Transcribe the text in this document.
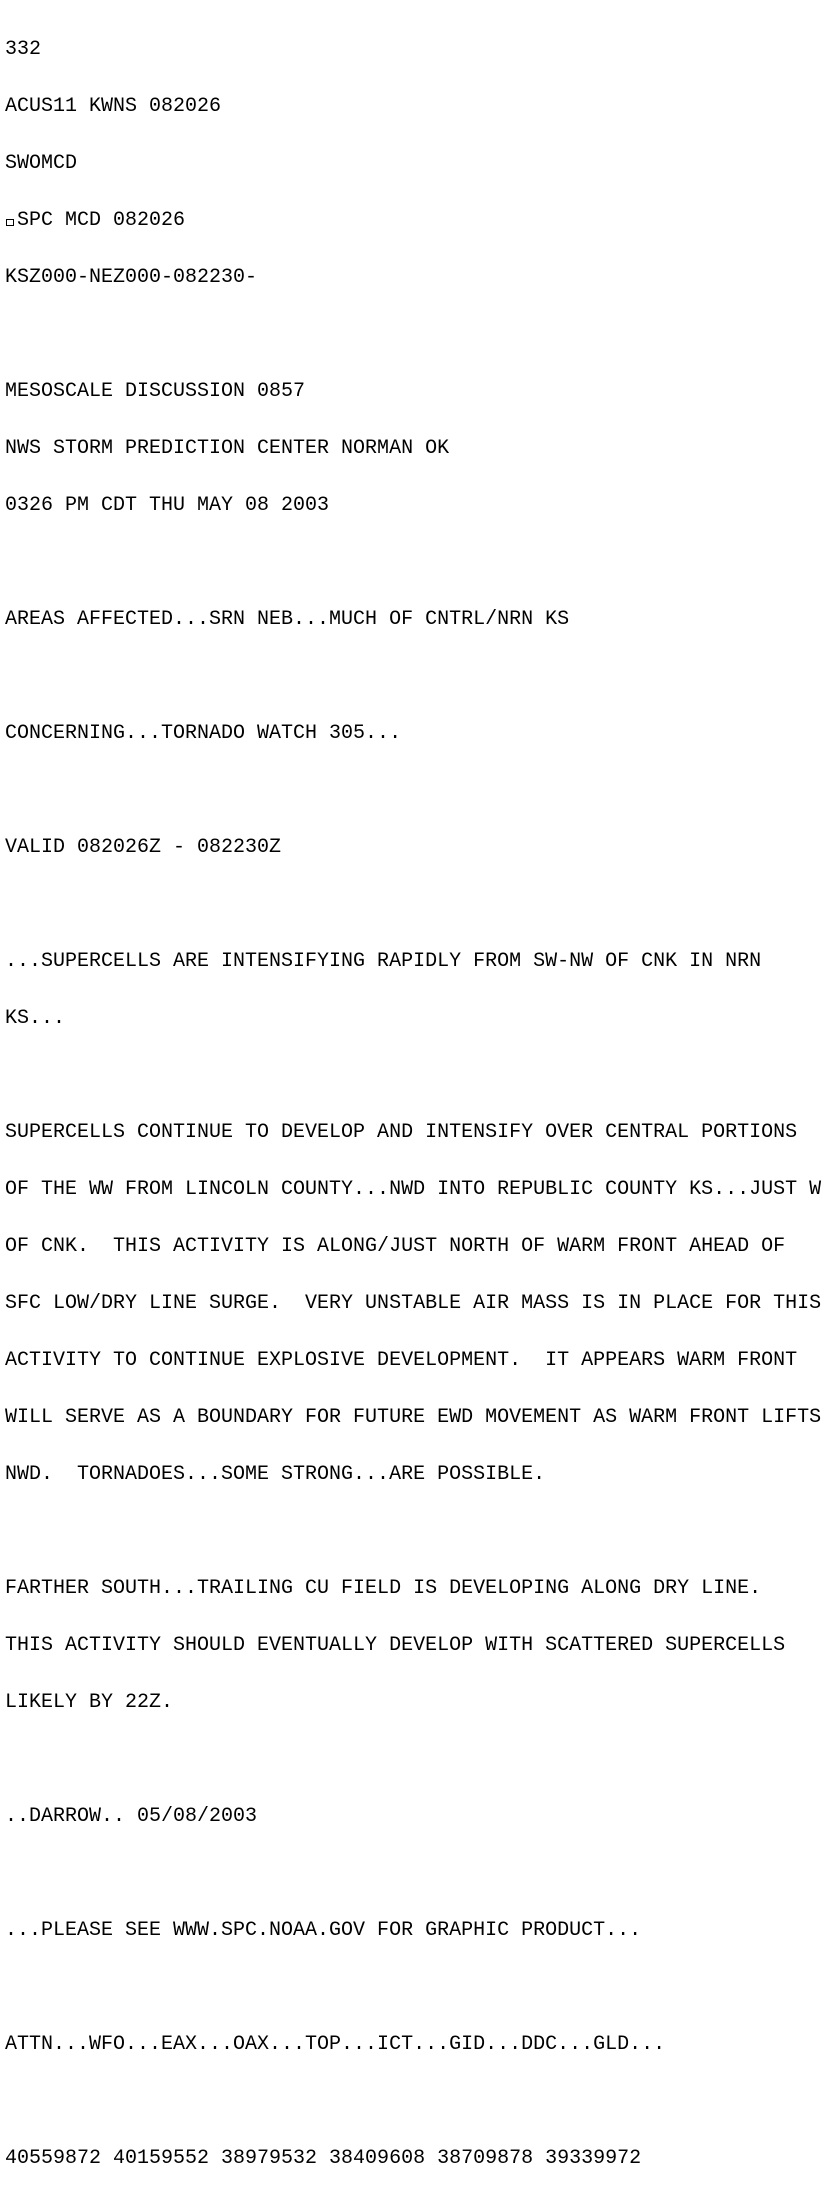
332

ACUS11 KWNS 082026

SWOMCD

SPC MCD 082026

KSZ000-NEZ000-082230-

MESOSCALE DISCUSSION 0857

NWS STORM PREDICTION CENTER NORMAN OK

0326 PM CDT THU MAY 08 2003

AREAS AFFECTED...SRN NEB...MUCH OF CNTRL/NRN KS

CONCERNING...TORNADO WATCH 305...

VALID 082026Z - 082230Z

...SUPERCELLS ARE INTENSIFYING RAPIDLY FROM SW-NW OF CNK IN NRN

KS...

SUPERCELLS CONTINUE TO DEVELOP AND INTENSIFY OVER CENTRAL PORTIONS

OF THE WW FROM LINCOLN COUNTY...NWD INTO REPUBLIC COUNTY KS...JUST W

OF CNK.  THIS ACTIVITY IS ALONG/JUST NORTH OF WARM FRONT AHEAD OF

SFC LOW/DRY LINE SURGE.  VERY UNSTABLE AIR MASS IS IN PLACE FOR THIS

ACTIVITY TO CONTINUE EXPLOSIVE DEVELOPMENT.  IT APPEARS WARM FRONT

WILL SERVE AS A BOUNDARY FOR FUTURE EWD MOVEMENT AS WARM FRONT LIFTS

NWD.  TORNADOES...SOME STRONG...ARE POSSIBLE.

FARTHER SOUTH...TRAILING CU FIELD IS DEVELOPING ALONG DRY LINE.

THIS ACTIVITY SHOULD EVENTUALLY DEVELOP WITH SCATTERED SUPERCELLS

LIKELY BY 22Z.

..DARROW.. 05/08/2003

...PLEASE SEE WWW.SPC.NOAA.GOV FOR GRAPHIC PRODUCT...

ATTN...WFO...EAX...OAX...TOP...ICT...GID...DDC...GLD...

40559872 40159552 38979532 38409608 38709878 39339972
